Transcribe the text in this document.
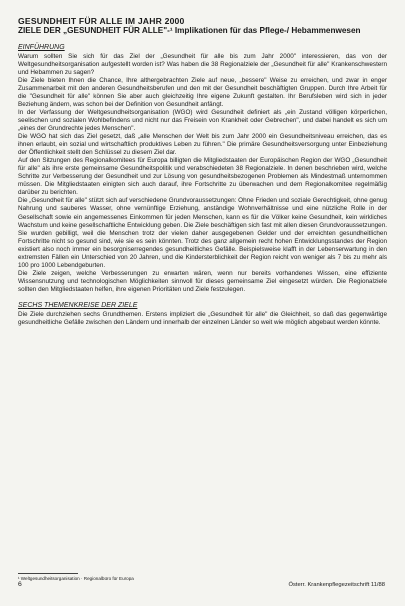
GESUNDHEIT FÜR ALLE IM JAHR 2000
ZIELE DER „GESUNDHEIT FÜR ALLE"-¹ Implikationen für das Pflege-/ Hebammenwesen
EINFÜHRUNG

Warum sollten Sie sich für das Ziel der „Gesundheit für alle bis zum Jahr 2000" interessieren, das von der Weltgesundheitsorganisation aufgestellt worden ist? Was haben die 38 Regionalziele der „Gesundheit für alle" Krankenschwestern und Hebammen zu sagen?

Die Ziele bieten Ihnen die Chance, Ihre althergebrachten Ziele auf neue, „bessere" Weise zu erreichen, und zwar in enger Zusammenarbeit mit den anderen Gesundheitsberufen und den mit der Gesundheit beschäftigten Gruppen. Durch Ihre Arbeit für die "Gesundheit für alle" können Sie aber auch gleichzeitig Ihre eigene Zukunft gestalten. Ihr Berufsleben wird sich in jeder Beziehung ändern, was schon bei der Definition von Gesundheit anfängt.

In der Verfassung der Weltgesundheitsorganisation (WGO) wird Gesundheit definiert als „ein Zustand völligen körperlichen, seelischen und sozialen Wohlbefindens und nicht nur das Freisein von Krankheit oder Gebrechen", und dabei handelt es sich um „eines der Grundrechte jedes Menschen".

Die WGO hat sich das Ziel gesetzt, daß „alle Menschen der Welt bis zum Jahr 2000 ein Gesundheitsniveau erreichen, das es ihnen erlaubt, ein sozial und wirtschaftlich produktives Leben zu führen." Die primäre Gesundheitsversorgung unter Einbeziehung der Öffentlichkeit stellt den Schlüssel zu diesem Ziel dar.

Auf den Sitzungen des Regionalkomitees für Europa billigten die Mitgliedstaaten der Europäischen Region der WGO „Gesundheit für alle" als ihre erste gemeinsame Gesundheitspolitik und verabschiedeten 38 Regionalziele. In denen beschrieben wird, welche Schritte zur Verbesserung der Gesundheit und zur Lösung von gesundheitsbezogenen Problemen als Mindestmaß unternommen müssen. Die Mitgliedstaaten einigten sich auch darauf, ihre Fortschritte zu überwachen und dem Regionalkomitee regelmäßig darüber zu berichten.

Die „Gesundheit für alle" stützt sich auf verschiedene Grundvoraussetzungen: Ohne Frieden und soziale Gerechtigkeit, ohne genug Nahrung und sauberes Wasser, ohne vernünftige Erziehung, anständige Wohnverhältnisse und eine nützliche Rolle in der Gesellschaft sowie ein angemessenes Einkommen für jeden Menschen, kann es für die Völker keine Gesundheit, kein wirkliches Wachstum und keine gesellschaftliche Entwicklung geben. Die Ziele beschäftigen sich fast mit allen diesen Grundvoraussetzungen. Sie wurden gebilligt, weil die Menschen trotz der vielen daher ausgegebenen Gelder und der erreichten gesundheitlichen Fortschritte nicht so gesund sind, wie sie es sein könnten. Trotz des ganz allgemein recht hohen Entwicklungsstandes der Region existiert also noch immer ein besorgniserregendes gesundheitliches Gefälle. Beispielsweise klafft in der Lebenserwartung in den extremsten Fällen ein Unterschied von 20 Jahren, und die Kindersterblichkeit der Region reicht von weniger als 7 bis zu mehr als 100 pro 1000 Lebendgeburten.

Die Ziele zeigen, welche Verbesserungen zu erwarten wären, wenn nur bereits vorhandenes Wissen, eine effiziente Wissensnutzung und technologischen Möglichkeiten sinnvoll für dieses gemeinsame Ziel eingesetzt würden. Die Regionalziele sollten den Mitgliedstaaten helfen, ihre eigenen Prioritäten und Ziele festzulegen.

SECHS THEMENKREISE DER ZIELE

Die Ziele durchziehen sechs Grundthemen. Erstens impliziert die „Gesundheit für alle" die Gleichheit, so daß das gegenwärtige gesundheitliche Gefälle zwischen den Ländern und innerhalb der einzelnen Länder so weit wie möglich abgebaut werden könnte.

¹ Weltgesundheitsorganisation · Regionalbüro für Europa
6	Österr. Krankenpflegezeitschrift 11/88
